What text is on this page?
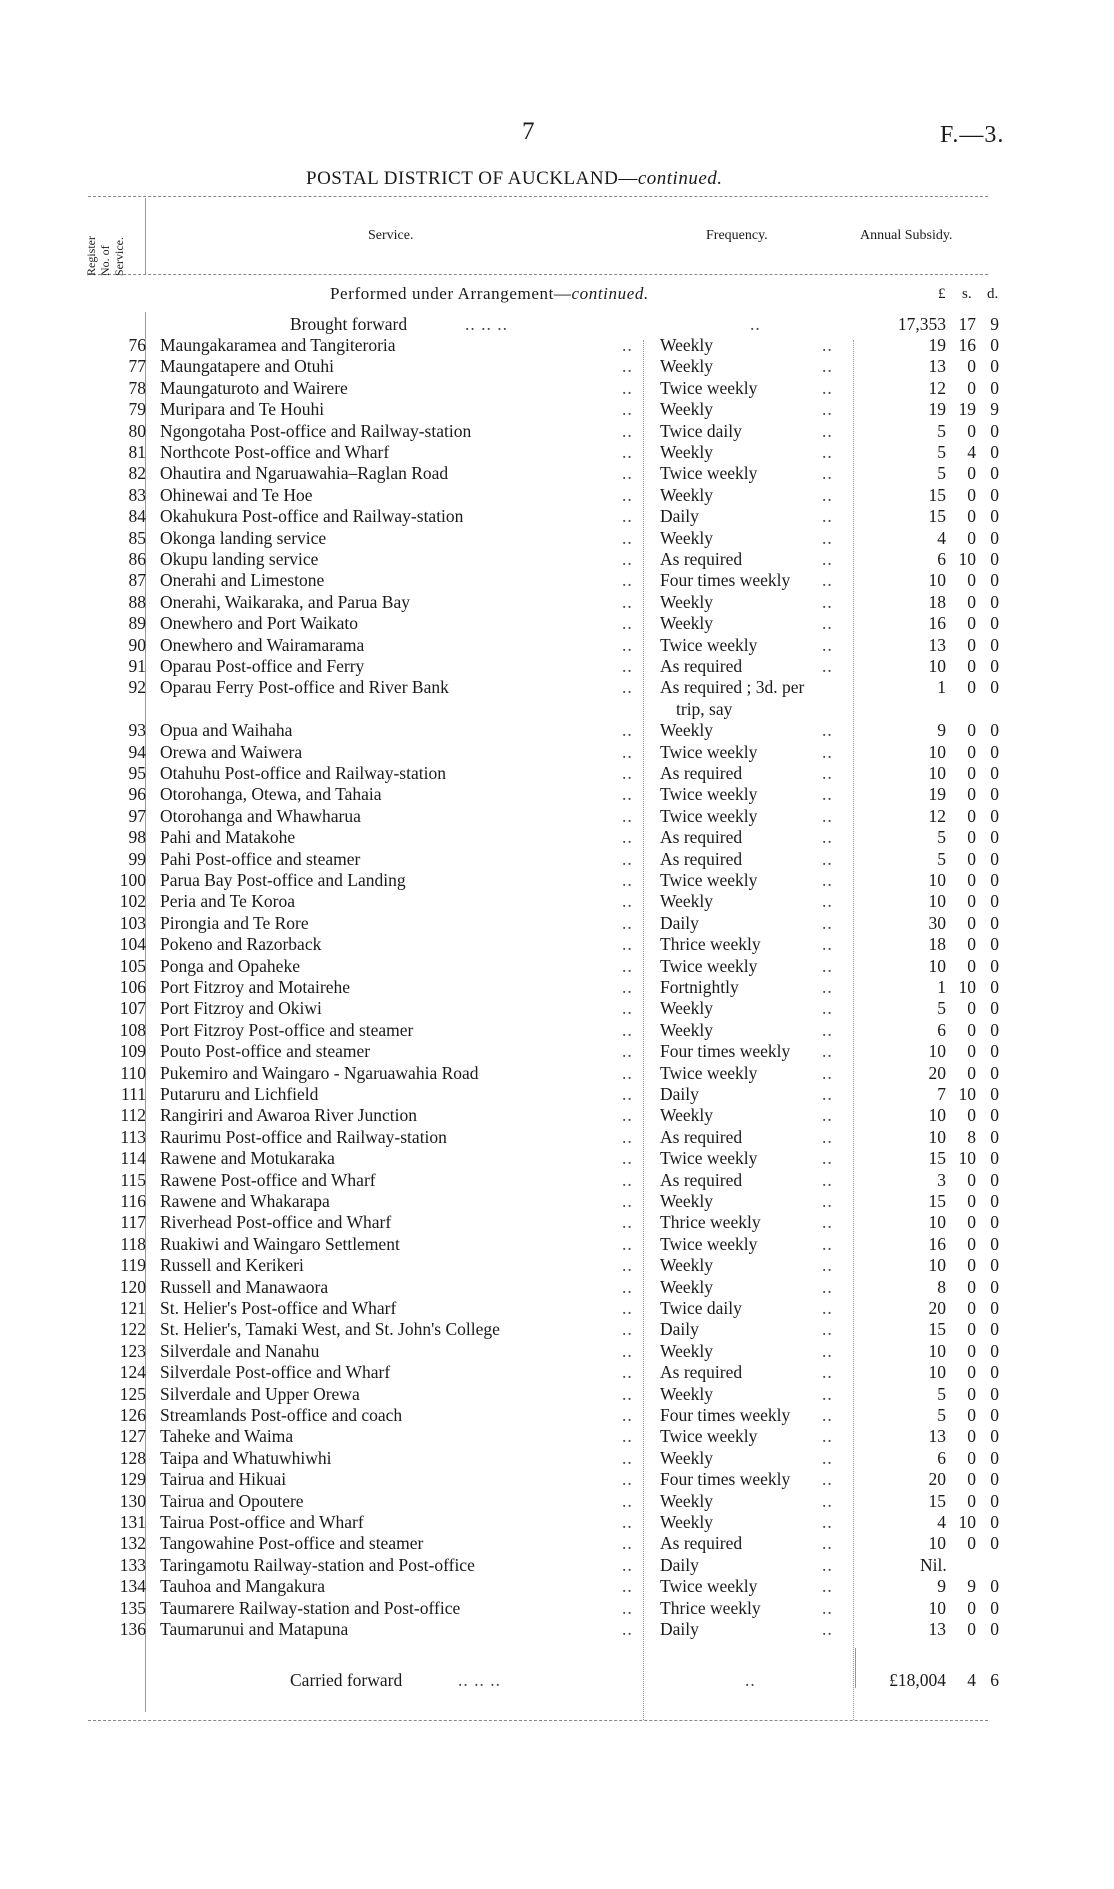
7	F.—3.
POSTAL DISTRICT OF AUCKLAND—continued.
Register No. of Service.
Service.	Frequency.	Annual Subsidy.
Performed under Arrangement—continued.	£ s. d.
Brought forward	.. .. ..	..	17,353 17 9
76 Maungakaramea and Tangiteroria	.. Weekly	..	19 16 0
77 Maungatapere and Otuhi	.. Weekly	..	13 0 0
78 Maungaturoto and Wairere	.. Twice weekly	..	12 0 0
79 Muripara and Te Houhi	.. Weekly	..	19 19 9
80 Ngongotaha Post-office and Railway-station	.. Twice daily	..	5 0 0
81 Northcote Post-office and Wharf	.. Weekly	..	5 4 0
82 Ohautira and Ngaruawahia–Raglan Road	.. Twice weekly	..	5 0 0
83 Ohinewai and Te Hoe	.. Weekly	..	15 0 0
84 Okahukura Post-office and Railway-station	.. Daily	..	15 0 0
85 Okonga landing service	.. Weekly	..	4 0 0
86 Okupu landing service	.. As required	..	6 10 0
87 Onerahi and Limestone	.. Four times weekly ..	10 0 0
88 Onerahi, Waikaraka, and Parua Bay	.. Weekly	..	18 0 0
89 Onewhero and Port Waikato	.. Weekly	..	16 0 0
90 Onewhero and Wairamarama	.. Twice weekly	..	13 0 0
91 Oparau Post-office and Ferry	.. As required	..	10 0 0
92 Oparau Ferry Post-office and River Bank	.. As required ; 3d. per	1 0 0
trip, say
93 Opua and Waihaha	.. Weekly	..	9 0 0
94 Orewa and Waiwera	.. Twice weekly	..	10 0 0
95 Otahuhu Post-office and Railway-station	.. As required	..	10 0 0
96 Otorohanga, Otewa, and Tahaia	.. Twice weekly	..	19 0 0
97 Otorohanga and Whawharua	.. Twice weekly	..	12 0 0
98 Pahi and Matakohe	.. As required	..	5 0 0
99 Pahi Post-office and steamer	.. As required	..	5 0 0
100 Parua Bay Post-office and Landing	.. Twice weekly	..	10 0 0
102 Peria and Te Koroa	.. Weekly	..	10 0 0
103 Pirongia and Te Rore	.. Daily	..	30 0 0
104 Pokeno and Razorback	.. Thrice weekly	..	18 0 0
105 Ponga and Opaheke	.. Twice weekly	..	10 0 0
106 Port Fitzroy and Motairehe	.. Fortnightly	..	1 10 0
107 Port Fitzroy and Okiwi	.. Weekly	..	5 0 0
108 Port Fitzroy Post-office and steamer	.. Weekly	..	6 0 0
109 Pouto Post-office and steamer	.. Four times weekly ..	10 0 0
110 Pukemiro and Waingaro - Ngaruawahia Road	.. Twice weekly	..	20 0 0
111 Putaruru and Lichfield	.. Daily	..	7 10 0
112 Rangiriri and Awaroa River Junction	.. Weekly	..	10 0 0
113 Raurimu Post-office and Railway-station	.. As required	..	10 8 0
114 Rawene and Motukaraka	.. Twice weekly	..	15 10 0
115 Rawene Post-office and Wharf	.. As required	..	3 0 0
116 Rawene and Whakarapa	.. Weekly	..	15 0 0
117 Riverhead Post-office and Wharf	.. Thrice weekly	..	10 0 0
118 Ruakiwi and Waingaro Settlement	.. Twice weekly	..	16 0 0
119 Russell and Kerikeri	.. Weekly	..	10 0 0
120 Russell and Manawaora	.. Weekly	..	8 0 0
121 St. Helier's Post-office and Wharf	.. Twice daily	..	20 0 0
122 St. Helier's, Tamaki West, and St. John's College	.. Daily	..	15 0 0
123 Silverdale and Nanahu	.. Weekly	..	10 0 0
124 Silverdale Post-office and Wharf	.. As required	..	10 0 0
125 Silverdale and Upper Orewa	.. Weekly	..	5 0 0
126 Streamlands Post-office and coach	.. Four times weekly ..	5 0 0
127 Taheke and Waima	.. Twice weekly	..	13 0 0
128 Taipa and Whatuwhiwhi	.. Weekly	..	6 0 0
129 Tairua and Hikuai	.. Four times weekly ..	20 0 0
130 Tairua and Opoutere	.. Weekly	..	15 0 0
131 Tairua Post-office and Wharf	.. Weekly	..	4 10 0
132 Tangowahine Post-office and steamer	.. As required	..	10 0 0
133 Taringamotu Railway-station and Post-office	.. Daily	..	Nil.
134 Tauhoa and Mangakura	.. Twice weekly	..	9 9 0
135 Taumarere Railway-station and Post-office	.. Thrice weekly	..	10 0 0
136 Taumarunui and Matapuna	.. Daily	..	13 0 0
Carried forward	.. .. ..	..	£18,004 4 6
